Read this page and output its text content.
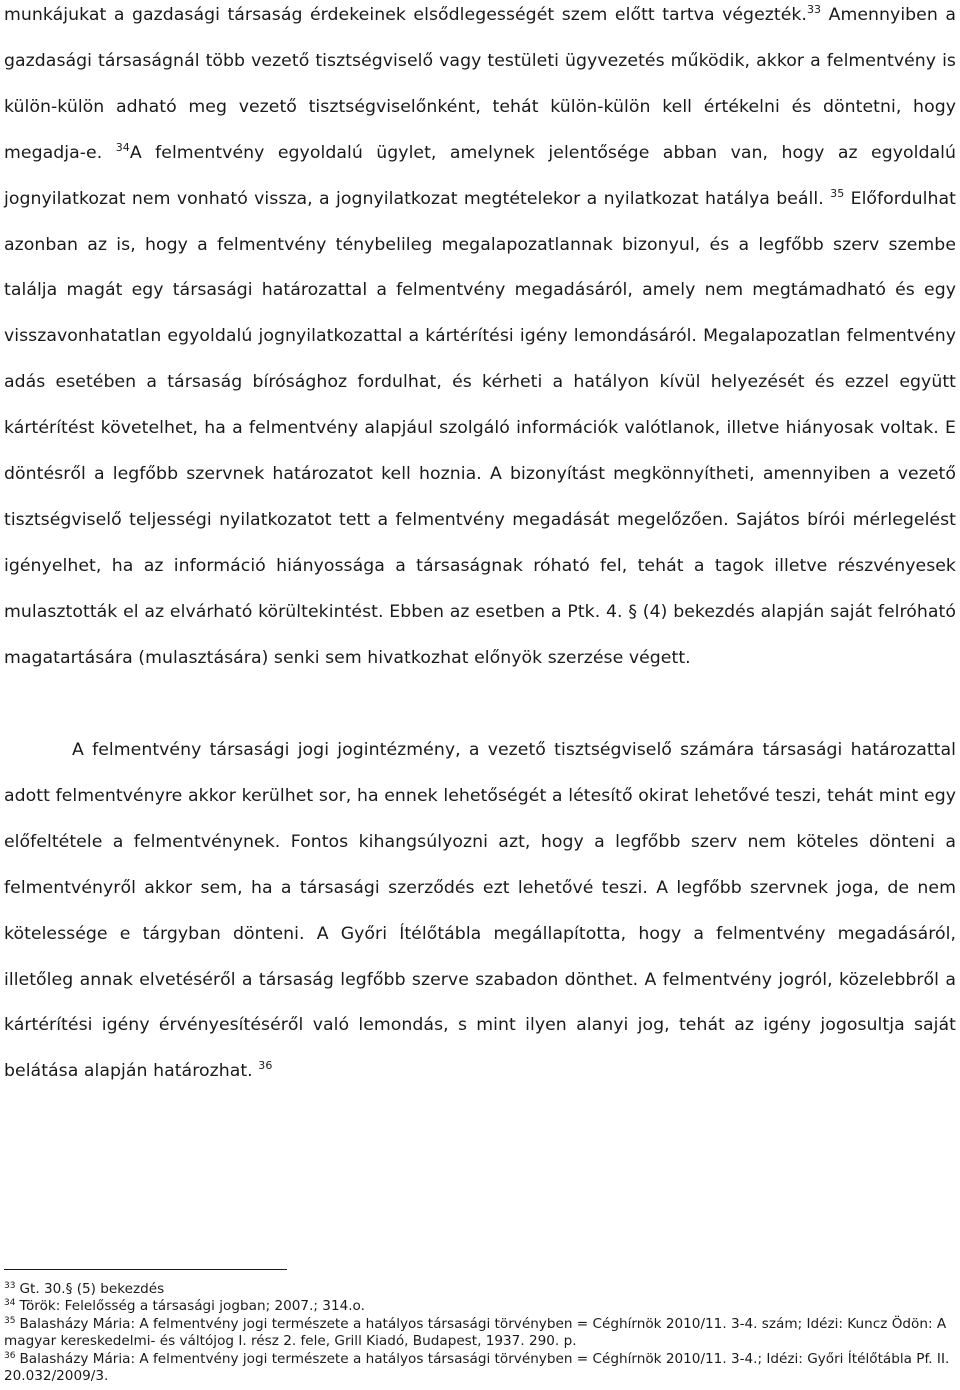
munkájukat a gazdasági társaság érdekeinek elsődlegességét szem előtt tartva végezték.$^{33}$ Amennyiben a gazdasági társaságnál több vezető tisztségviselő vagy testületi ügyvezetés működik, akkor a felmentvény is külön-külön adható meg vezető tisztségviselőnként, tehát külön-külön kell értékelni és döntetni, hogy megadja-e. $^{34}$A felmentvény egyoldalú ügylet, amelynek jelentősége abban van, hogy az egyoldalú jognyilatkozat nem vonható vissza, a jognyilatkozat megtételekor a nyilatkozat hatálya beáll. $^{35}$ Előfordulhat azonban az is, hogy a felmentvény ténybelileg megalapozatlannak bizonyul, és a legfőbb szerv szembe találja magát egy társasági határozattal a felmentvény megadásáról, amely nem megtámadható és egy visszavonhatatlan egyoldalú jognyilatkozattal a kártérítési igény lemondásáról. Megalapozatlan felmentvény adás esetében a társaság bírósághoz fordulhat, és kérheti a hatályon kívül helyezését és ezzel együtt kártérítést követelhet, ha a felmentvény alapjául szolgáló információk valótlanok, illetve hiányosak voltak. E döntésről a legfőbb szervnek határozatot kell hoznia. A bizonyítást megkönnyítheti, amennyiben a vezető tisztségviselő teljességi nyilatkozatot tett a felmentvény megadását megelőzően. Sajátos bírói mérlegelést igényelhet, ha az információ hiányossága a társaságnak róható fel, tehát a tagok illetve részvényesek mulasztották el az elvárható körültekintést. Ebben az esetben a Ptk. 4. § (4) bekezdés alapján saját felróható magatartására (mulasztására) senki sem hivatkozhat előnyök szerzése végett.

A felmentvény társasági jogi jogintézmény, a vezető tisztségviselő számára társasági határozattal adott felmentvényre akkor kerülhet sor, ha ennek lehetőségét a létesítő okirat lehetővé teszi, tehát mint egy előfeltétele a felmentvénynek. Fontos kihangsúlyozni azt, hogy a legfőbb szerv nem köteles dönteni a felmentvényről akkor sem, ha a társasági szerződés ezt lehetővé teszi. A legfőbb szervnek joga, de nem kötelessége e tárgyban dönteni. A Győri Ítélőtábla megállapította, hogy a felmentvény megadásáról, illetőleg annak elvetéséről a társaság legfőbb szerve szabadon dönthet. A felmentvény jogról, közelebbről a kártérítési igény érvényesítéséről való lemondás, s mint ilyen alanyi jog, tehát az igény jogosultja saját belátása alapján határozhat. $^{36}$

$^{33}$ Gt. 30.§ (5) bekezdés

$^{34}$ Török: Felelősség a társasági jogban; 2007.; 314.o.

$^{35}$ Balasházy Mária: A felmentvény jogi természete a hatályos társasági törvényben = Céghírnök 2010/11. 3-4. szám; Idézi: Kuncz Ödön: A magyar kereskedelmi- és váltójog I. rész 2. fele, Grill Kiadó, Budapest, 1937. 290. p.

$^{36}$ Balasházy Mária: A felmentvény jogi természete a hatályos társasági törvényben = Céghírnök 2010/11. 3-4.; Idézi: Győri Ítélőtábla Pf. II. 20.032/2009/3.
